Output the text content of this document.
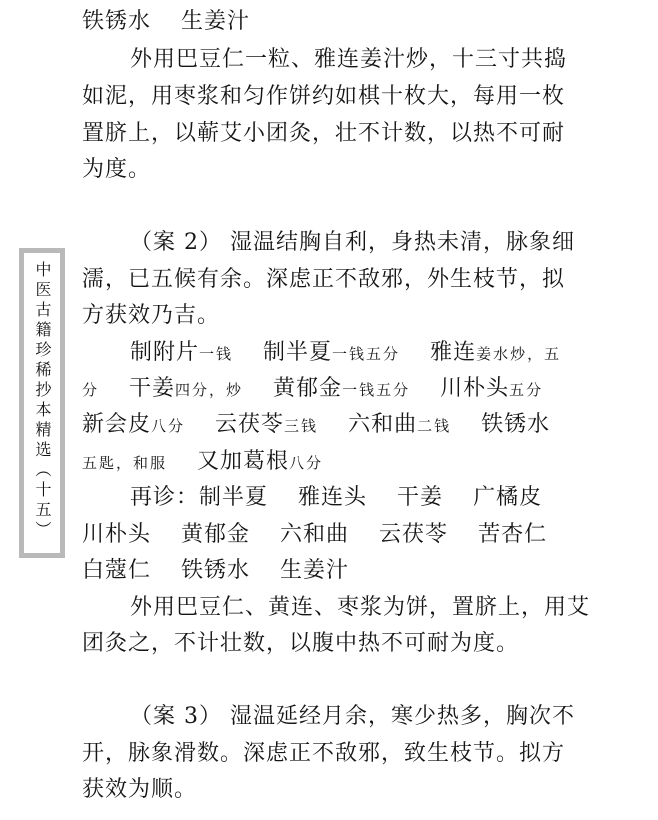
中医古籍珍稀抄本精选（十五）
铁锈水 生姜汁
外用巴豆仁一粒、雅连姜汁炒，十三寸共捣
如泥，用枣浆和匀作饼约如棋十枚大，每用一枚
置脐上，以蕲艾小团灸，壮不计数，以热不可耐
为度。
（案 2） 湿温结胸自利，身热未清，脉象细
濡，已五候有余。深虑正不敌邪，外生枝节，拟
方获效乃吉。
制附片 一钱 制半夏 一钱五分 雅连 姜水炒，五
分 干姜 四分，炒 黄郁金 一钱五分 川朴头 五分
新会皮 八分 云茯苓 三钱 六和曲 二钱 铁锈水
五匙，和服 又加葛根 八分
再诊： 制半夏 雅连头 干姜 广橘皮
川朴头 黄郁金 六和曲 云茯苓 苦杏仁
白蔻仁 铁锈水 生姜汁
外用巴豆仁、黄连、枣浆为饼，置脐上，用艾
团灸之，不计壮数，以腹中热不可耐为度。
（案 3） 湿温延经月余，寒少热多，胸次不
开，脉象滑数。深虑正不敌邪，致生枝节。拟方
获效为顺。
